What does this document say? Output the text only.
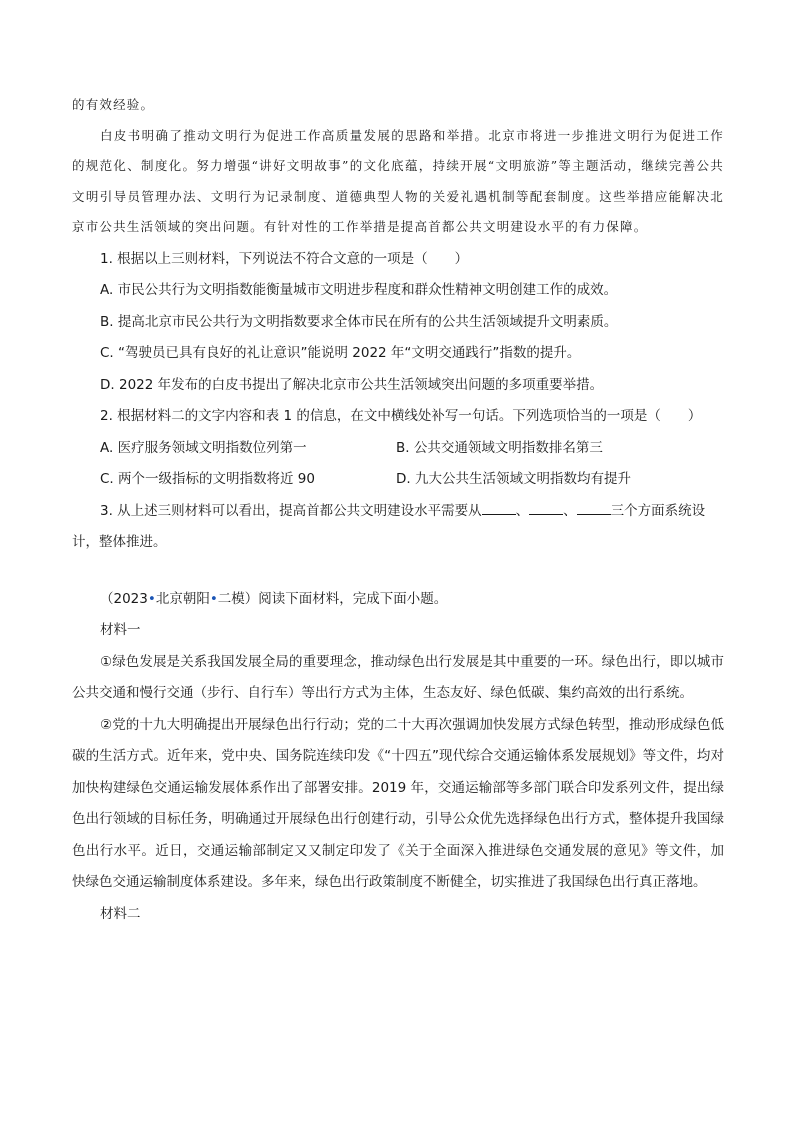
的有效经验。

白皮书明确了推动文明行为促进工作高质量发展的思路和举措。北京市将进一步推进文明行为促进工作的规范化、制度化。努力增强“讲好文明故事”的文化底蕴，持续开展“文明旅游”等主题活动，继续完善公共文明引导员管理办法、文明行为记录制度、道德典型人物的关爱礼遇机制等配套制度。这些举措应能解决北京市公共生活领域的突出问题。有针对性的工作举措是提高首都公共文明建设水平的有力保障。

1. 根据以上三则材料，下列说法不符合文意的一项是（　　）

A. 市民公共行为文明指数能衡量城市文明进步程度和群众性精神文明创建工作的成效。

B. 提高北京市民公共行为文明指数要求全体市民在所有的公共生活领域提升文明素质。

C. “驾驶员已具有良好的礼让意识”能说明 2022 年“文明交通践行”指数的提升。

D. 2022 年发布的白皮书提出了解决北京市公共生活领域突出问题的多项重要举措。

2. 根据材料二的文字内容和表 1 的信息，在文中横线处补写一句话。下列选项恰当的一项是（　　）

A. 医疗服务领域文明指数位列第一	B. 公共交通领域文明指数排名第三
C. 两个一级指标的文明指数将近 90	D. 九大公共生活领域文明指数均有提升

3. 从上述三则材料可以看出，提高首都公共文明建设水平需要从	、	、	三个方面系统设

计，整体推进。

（2023•北京朝阳•二模）阅读下面材料，完成下面小题。

材料一

①绿色发展是关系我国发展全局的重要理念，推动绿色出行发展是其中重要的一环。绿色出行，即以城市公共交通和慢行交通（步行、自行车）等出行方式为主体，生态友好、绿色低碳、集约高效的出行系统。

②党的十九大明确提出开展绿色出行行动；党的二十大再次强调加快发展方式绿色转型，推动形成绿色低碳的生活方式。近年来，党中央、国务院连续印发《“十四五”现代综合交通运输体系发展规划》等文件，均对加快构建绿色交通运输发展体系作出了部署安排。2019 年，交通运输部等多部门联合印发系列文件，提出绿色出行领域的目标任务，明确通过开展绿色出行创建行动，引导公众优先选择绿色出行方式，整体提升我国绿色出行水平。近日，交通运输部制定又又制定印发了《关于全面深入推进绿色交通发展的意见》等文件，加 快绿色交通运输制度体系建设。多年来，绿色出行政策制度不断健全，切实推进了我国绿色出行真正落地。

材料二
